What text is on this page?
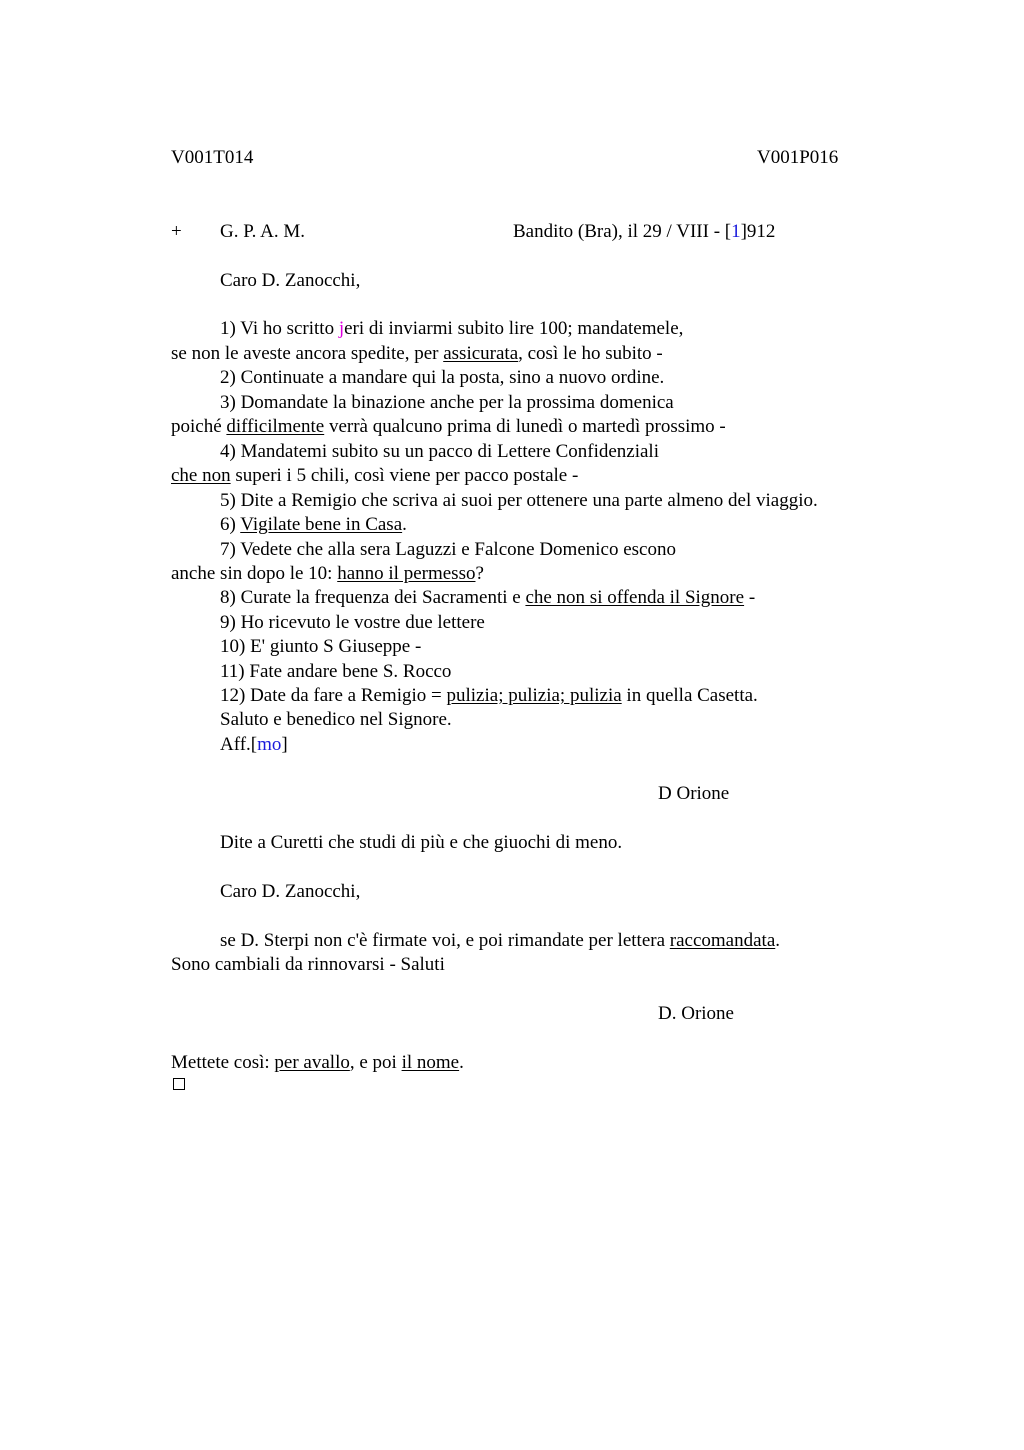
V001T014	V001P016
+ G. P. A. M.	Bandito (Bra), il 29 / VIII - [1]912
Caro D. Zanocchi,
1) Vi ho scritto jeri di inviarmi subito lire 100; mandatemele,
se non le aveste ancora spedite, per assicurata, così le ho subito -
2) Continuate a mandare qui la posta, sino a nuovo ordine.
3) Domandate la binazione anche per la prossima domenica
poiché difficilmente verrà qualcuno prima di lunedì o martedì prossimo -
4) Mandatemi subito su un pacco di Lettere Confidenziali
che non superi i 5 chili, così viene per pacco postale -
5) Dite a Remigio che scriva ai suoi per ottenere una parte almeno del viaggio.
6) Vigilate bene in Casa.
7) Vedete che alla sera Laguzzi e Falcone Domenico escono
anche sin dopo le 10: hanno il permesso?
8) Curate la frequenza dei Sacramenti e che non si offenda il Signore -
9) Ho ricevuto le vostre due lettere
10) E' giunto S Giuseppe -
11) Fate andare bene S. Rocco
12) Date da fare a Remigio = pulizia; pulizia; pulizia in quella Casetta.
Saluto e benedico nel Signore.
Aff.[mo]
D Orione
Dite a Curetti che studi di più e che giuochi di meno.
Caro D. Zanocchi,
se D. Sterpi non c'è firmate voi, e poi rimandate per lettera raccomandata.
Sono cambiali da rinnovarsi - Saluti
D. Orione
Mettete così: per avallo, e poi il nome.
